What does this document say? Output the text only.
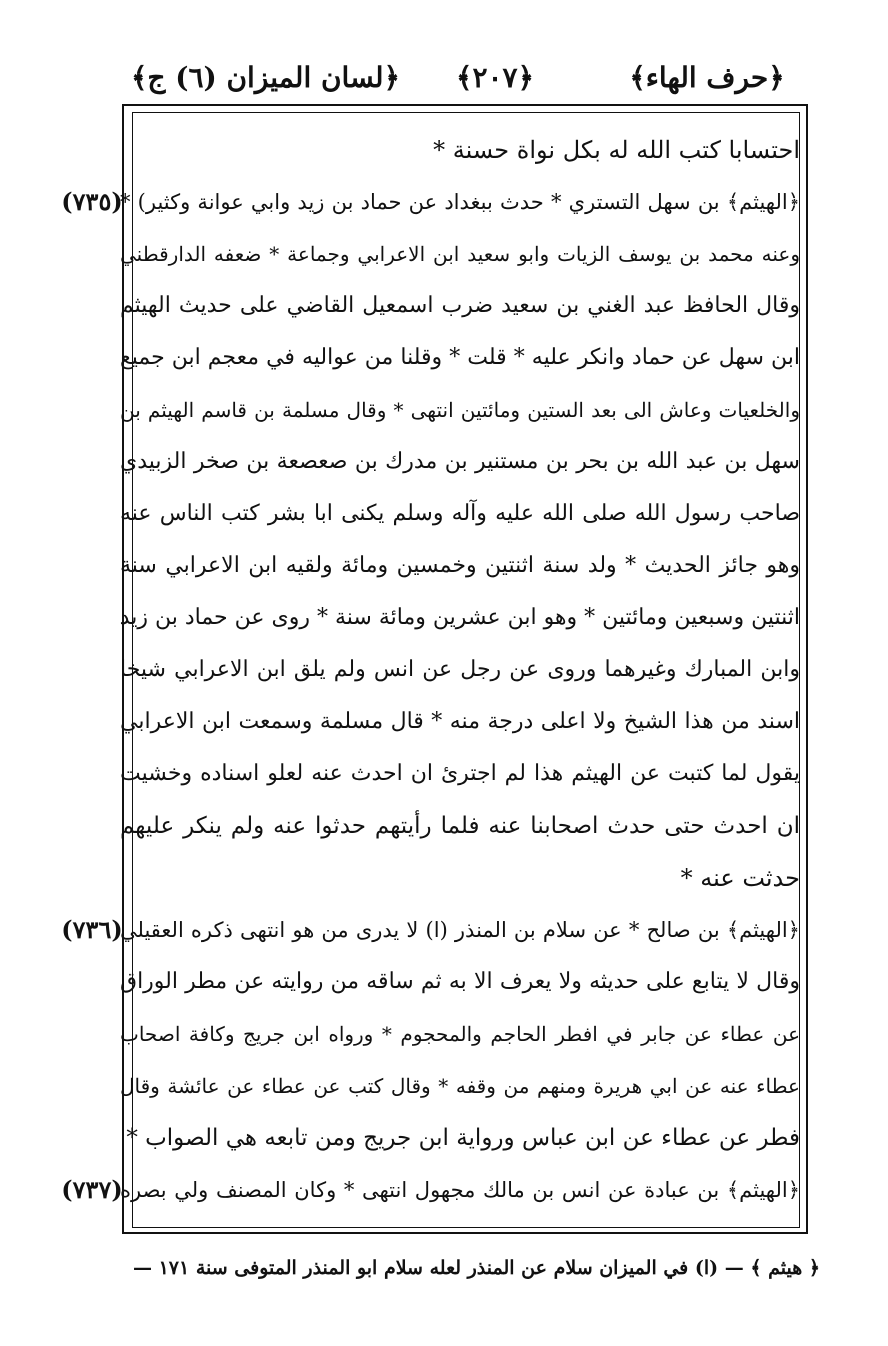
﴿حرف الهاء﴾
﴿٢٠٧﴾
﴿لسان الميزان (٦) ج﴾
احتسابا كتب الله له بكل نواة حسنة *
﴿الهيثم﴾ بن سهل التستري * حدث ببغداد عن حماد بن زيد وابي عوانة وكثير) *
وعنه محمد بن يوسف الزيات وابو سعيد ابن الاعرابي وجماعة * ضعفه الدارقطني
وقال الحافظ عبد الغني بن سعيد ضرب اسمعيل القاضي على حديث الهيثم
ابن سهل عن حماد وانكر عليه * قلت * وقلنا من عواليه في معجم ابن جميع
والخلعيات وعاش الى بعد الستين ومائتين انتهى * وقال مسلمة بن قاسم الهيثم بن
سهل بن عبد الله بن بحر بن مستنير بن مدرك بن صعصعة بن صخر الزبيدي
صاحب رسول الله صلى الله عليه وآله وسلم يكنى ابا بشر كتب الناس عنه
وهو جائز الحديث * ولد سنة اثنتين وخمسين ومائة ولقيه ابن الاعرابي سنة
اثنتين وسبعين ومائتين * وهو ابن عشرين ومائة سنة * روى عن حماد بن زيد
وابن المبارك وغيرهما وروى عن رجل عن انس ولم يلق ابن الاعرابي شيخا
اسند من هذا الشيخ ولا اعلى درجة منه * قال مسلمة وسمعت ابن الاعرابي
يقول لما كتبت عن الهيثم هذا لم اجترئ ان احدث عنه لعلو اسناده وخشيت
ان احدث حتى حدث اصحابنا عنه فلما رأيتهم حدثوا عنه ولم ينكر عليهم
حدثت عنه *
﴿الهيثم﴾ بن صالح * عن سلام بن المنذر (ا) لا يدرى من هو انتهى ذكره العقيلي
وقال لا يتابع على حديثه ولا يعرف الا به ثم ساقه من روايته عن مطر الوراق
عن عطاء عن جابر في افطر الحاجم والمحجوم * ورواه ابن جريج وكافة اصحاب
عطاء عنه عن ابي هريرة ومنهم من وقفه * وقال كتب عن عطاء عن عائشة وقال
فطر عن عطاء عن ابن عباس ورواية ابن جريج ومن تابعه هي الصواب *
﴿الهيثم﴾ بن عبادة عن انس بن مالك مجهول انتهى * وكان المصنف ولي بصره
(٧٣٥)
(٧٣٦)
(٧٣٧)
﴿ هيثم ﴾ — (ا) في الميزان سلام عن المنذر لعله سلام ابو المنذر المتوفى سنة ١٧١ —
